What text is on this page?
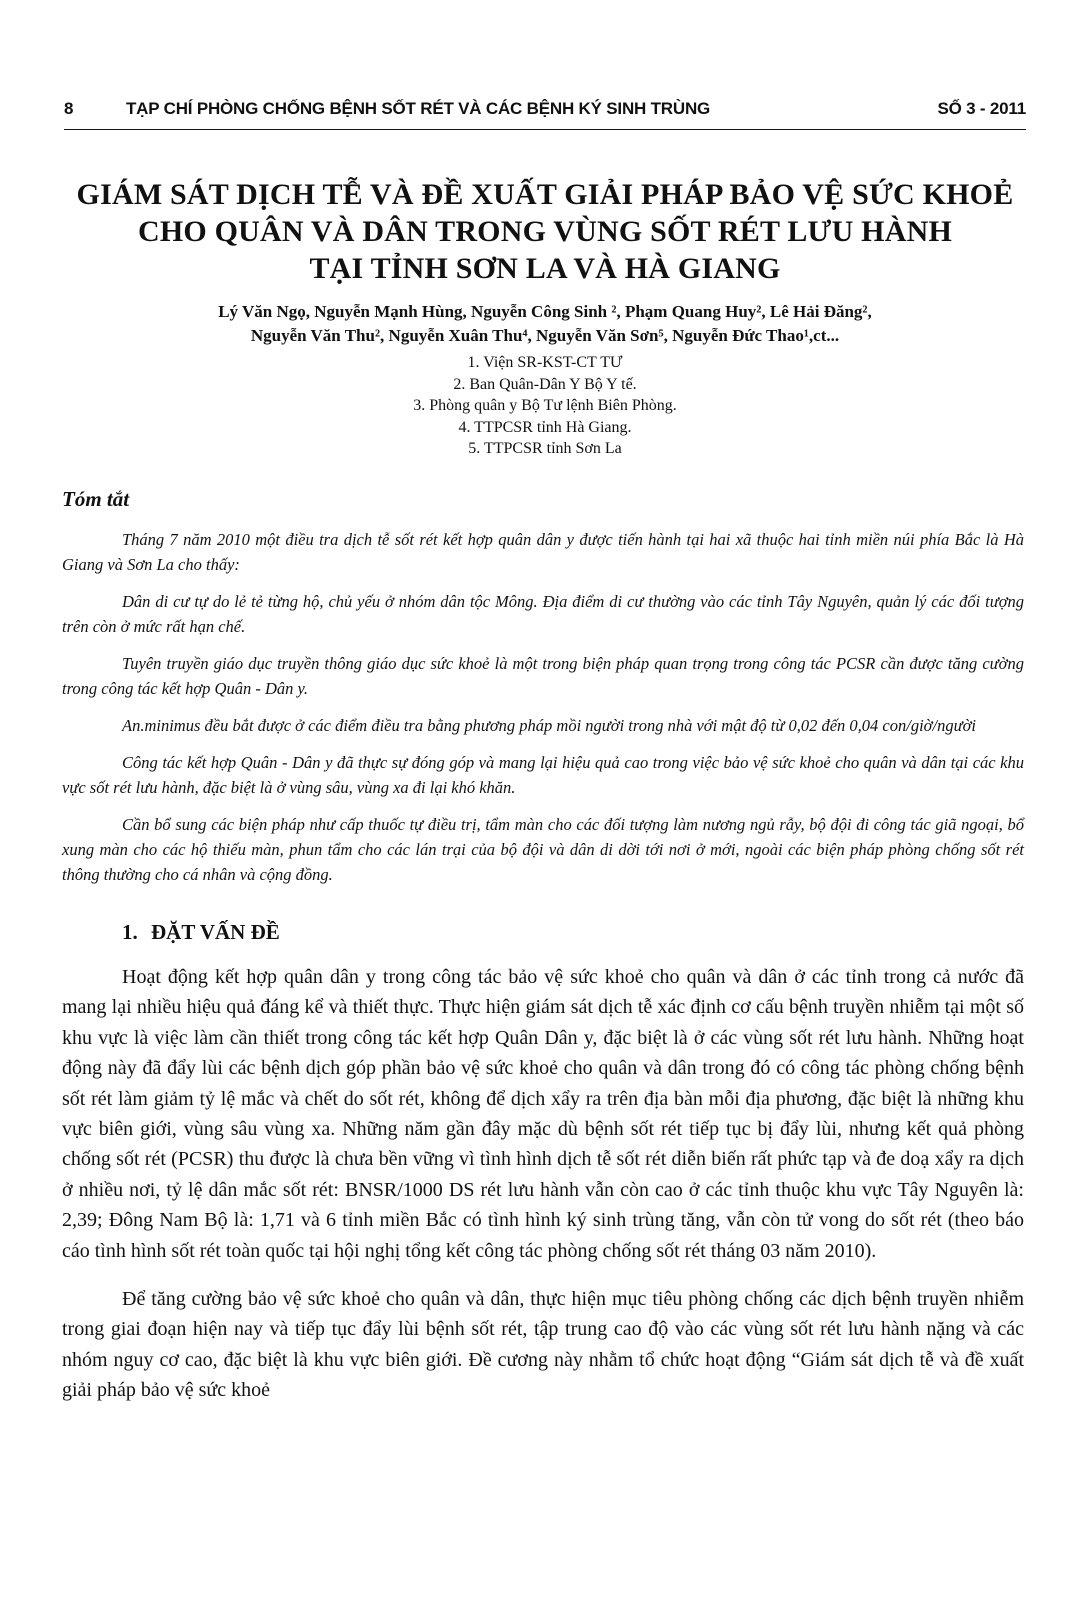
8	TẠP CHÍ PHÒNG CHỐNG BỆNH SỐT RÉT VÀ CÁC BỆNH KÝ SINH TRÙNG	SỐ 3 - 2011
GIÁM SÁT DỊCH TỄ VÀ ĐỀ XUẤT GIẢI PHÁP BẢO VỆ SỨC KHOẺ
CHO QUÂN VÀ DÂN TRONG VÙNG SỐT RÉT LƯU HÀNH
TẠI TỈNH SƠN LA VÀ HÀ GIANG
Lý Văn Ngọ, Nguyễn Mạnh Hùng, Nguyễn Công Sinh ², Phạm Quang Huy², Lê Hải Đăng²,
Nguyễn Văn Thu², Nguyễn Xuân Thu⁴, Nguyễn Văn Sơn⁵, Nguyễn Đức Thao¹,ct...
1. Viện SR-KST-CT TƯ
2. Ban Quân-Dân Y Bộ Y tế.
3. Phòng quân y Bộ Tư lệnh Biên Phòng.
4. TTPCSR tỉnh Hà Giang.
5. TTPCSR tỉnh Sơn La
Tóm tắt

Tháng 7 năm 2010 một điều tra dịch tễ sốt rét kết hợp quân dân y được tiến hành tại hai xã thuộc hai tỉnh miền núi phía Bắc là Hà Giang và Sơn La cho thấy:

Dân di cư tự do lẻ tẻ từng hộ, chủ yếu ở nhóm dân tộc Mông. Địa điểm di cư thường vào các tỉnh Tây Nguyên, quản lý các đối tượng trên còn ở mức rất hạn chế.

Tuyên truyền giáo dục truyền thông giáo dục sức khoẻ là một trong biện pháp quan trọng trong công tác PCSR cần được tăng cường trong công tác kết hợp Quân - Dân y.

An.minimus đều bắt được ở các điểm điều tra bằng phương pháp mồi người trong nhà với mật độ từ 0,02 đến 0,04 con/giờ/người

Công tác kết hợp Quân - Dân y đã thực sự đóng góp và mang lại hiệu quả cao trong việc bảo vệ sức khoẻ cho quân và dân tại các khu vực sốt rét lưu hành, đặc biệt là ở vùng sâu, vùng xa đi lại khó khăn.

Cần bổ sung các biện pháp như cấp thuốc tự điều trị, tẩm màn cho các đối tượng làm nương ngủ rẫy, bộ đội đi công tác giã ngoại, bổ xung màn cho các hộ thiếu màn, phun tẩm cho các lán trại của bộ đội và dân di dời tới nơi ở mới, ngoài các biện pháp phòng chống sốt rét thông thường cho cá nhân và cộng đồng.

1. ĐẶT VẤN ĐỀ

Hoạt động kết hợp quân dân y trong công tác bảo vệ sức khoẻ cho quân và dân ở các tỉnh trong cả nước đã mang lại nhiều hiệu quả đáng kể và thiết thực. Thực hiện giám sát dịch tễ xác định cơ cấu bệnh truyền nhiễm tại một số khu vực là việc làm cần thiết trong công tác kết hợp Quân Dân y, đặc biệt là ở các vùng sốt rét lưu hành. Những hoạt động này đã đẩy lùi các bệnh dịch góp phần bảo vệ sức khoẻ cho quân và dân trong đó có công tác phòng chống bệnh sốt rét làm giảm tỷ lệ mắc và chết do sốt rét, không để dịch xẩy ra trên địa bàn mỗi địa phương, đặc biệt là những khu vực biên giới, vùng sâu vùng xa. Những năm gần đây mặc dù bệnh sốt rét tiếp tục bị đẩy lùi, nhưng kết quả phòng chống sốt rét (PCSR) thu được là chưa bền vững vì tình hình dịch tễ sốt rét diễn biến rất phức tạp và đe doạ xẩy ra dịch ở nhiều nơi, tỷ lệ dân mắc sốt rét: BNSR/1000 DS rét lưu hành vẫn còn cao ở các tỉnh thuộc khu vực Tây Nguyên là: 2,39; Đông Nam Bộ là: 1,71 và 6 tỉnh miền Bắc có tình hình ký sinh trùng tăng, vẫn còn tử vong do sốt rét (theo báo cáo tình hình sốt rét toàn quốc tại hội nghị tổng kết công tác phòng chống sốt rét tháng 03 năm 2010).

Để tăng cường bảo vệ sức khoẻ cho quân và dân, thực hiện mục tiêu phòng chống các dịch bệnh truyền nhiễm trong giai đoạn hiện nay và tiếp tục đẩy lùi bệnh sốt rét, tập trung cao độ vào các vùng sốt rét lưu hành nặng và các nhóm nguy cơ cao, đặc biệt là khu vực biên giới. Đề cương này nhằm tổ chức hoạt động “Giám sát dịch tễ và đề xuất giải pháp bảo vệ sức khoẻ
